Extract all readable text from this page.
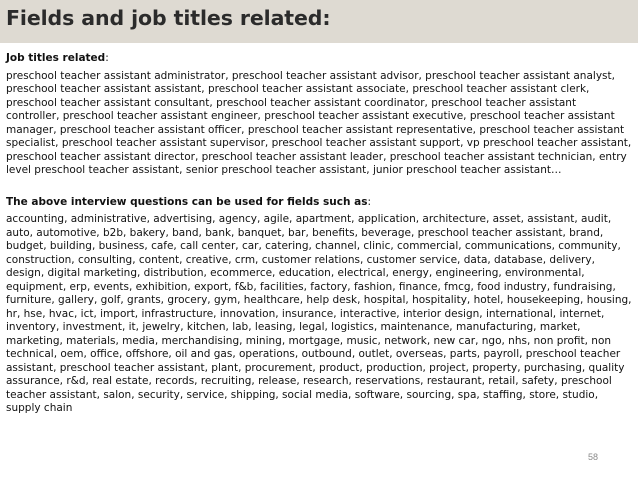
Fields and job titles related:

Job titles related:

preschool teacher assistant administrator, preschool teacher assistant advisor, preschool teacher assistant analyst, preschool teacher assistant assistant, preschool teacher assistant associate, preschool teacher assistant clerk, preschool teacher assistant consultant, preschool teacher assistant coordinator, preschool teacher assistant controller, preschool teacher assistant engineer, preschool teacher assistant executive, preschool teacher assistant manager, preschool teacher assistant officer, preschool teacher assistant representative, preschool teacher assistant specialist, preschool teacher assistant supervisor, preschool teacher assistant support, vp preschool teacher assistant, preschool teacher assistant director, preschool teacher assistant leader, preschool teacher assistant technician, entry level preschool teacher assistant, senior preschool teacher assistant, junior preschool teacher assistant…

The above interview questions can be used for fields such as:

accounting, administrative, advertising, agency, agile, apartment, application, architecture, asset, assistant, audit, auto, automotive, b2b, bakery, band, bank, banquet, bar, benefits, beverage, preschool teacher assistant, brand, budget, building, business, cafe, call center, car, catering, channel, clinic, commercial, communications, community, construction, consulting, content, creative, crm, customer relations, customer service, data, database, delivery, design, digital marketing, distribution, ecommerce, education, electrical, energy, engineering, environmental, equipment, erp, events, exhibition, export, f&b, facilities, factory, fashion, finance, fmcg, food industry, fundraising, furniture, gallery, golf, grants, grocery, gym, healthcare, help desk, hospital, hospitality, hotel, housekeeping, housing, hr, hse, hvac, ict, import, infrastructure, innovation, insurance, interactive, interior design, international, internet, inventory, investment, it, jewelry, kitchen, lab, leasing, legal, logistics, maintenance, manufacturing, market, marketing, materials, media, merchandising, mining, mortgage, music, network, new car, ngo, nhs, non profit, non technical, oem, office, offshore, oil and gas, operations, outbound, outlet, overseas, parts, payroll, preschool teacher assistant, preschool teacher assistant, plant, procurement, product, production, project, property, purchasing, quality assurance, r&d, real estate, records, recruiting, release, research, reservations, restaurant, retail, safety, preschool teacher assistant, salon, security, service, shipping, social media, software, sourcing, spa, staffing, store, studio, supply chain

58
